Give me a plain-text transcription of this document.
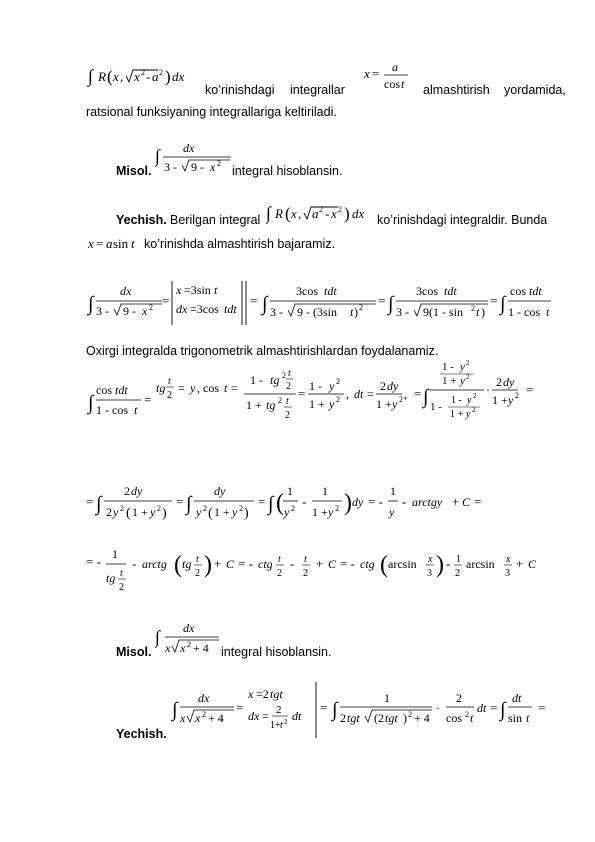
∫ R ( x , x 2 - a 2 ) dx
ko’rinishdagi integrallar
x = a
cos t almashtirish yordamida,
ratsional funksiyaning integrallariga keltiriladi.
Misol.
∫ dx
3 - 9 - x 2
integral hisoblansin.
Yechish. Berilgan integral ∫ R ( x , a 2 - x 2 ) dx ko’rinishdagi integraldir. Bunda
x = a sin t ko’rinishda almashtirish bajaramiz.
∫
dx
3 - 9 - x 2 =
x =3sin t
dx =3cos tdt
= ∫
3cos tdt
3 - 9 - (3sin t ) 2 = ∫
3cos tdt
3 - 9(1 - sin 2 t )
= ∫
cos tdt
1 - cos t
Oxirgi integralda trigonometrik almashtirishlardan foydalanamiz.
∫
cos tdt
1 - cos t
=
tg t
2
= y , cos t =
1 - tg 2 t
2
1 + tg 2 t
2
= 1 - y 2
1 + y 2 , dt =
2 dy
1 + y 2 , = ∫
1 - y 2
1 + y 2
1 -
1 - y 2
1 + y 2
·
2 dy
1 + y 2 =
= ∫
2 dy
2 y 2 ( 1 + y 2 )
= ∫
dy
y 2 ( 1 + y 2 )
= ∫ ( 1
y 2 -
1
1 + y 2 ) dy = -
1
y
- arctgy + C =
= - 1
tg t
2
- arctg ( tg t
2 ) + C = - ctg t
2
- t
2
+ C = - ctg ( arcsin x
3 ) - 1
2
arcsin x
3
+ C
Misol.
∫ dx
x x 2 + 4 integral hisoblansin.
Yechish.
∫
dx
x x 2 + 4
=
x =2 tgt
dx = 2
1+ t 2 dt
= ∫
1
2 tgt (2 tgt ) 2 + 4
·
2
cos 2 t
dt = ∫
dt
sin t
=
